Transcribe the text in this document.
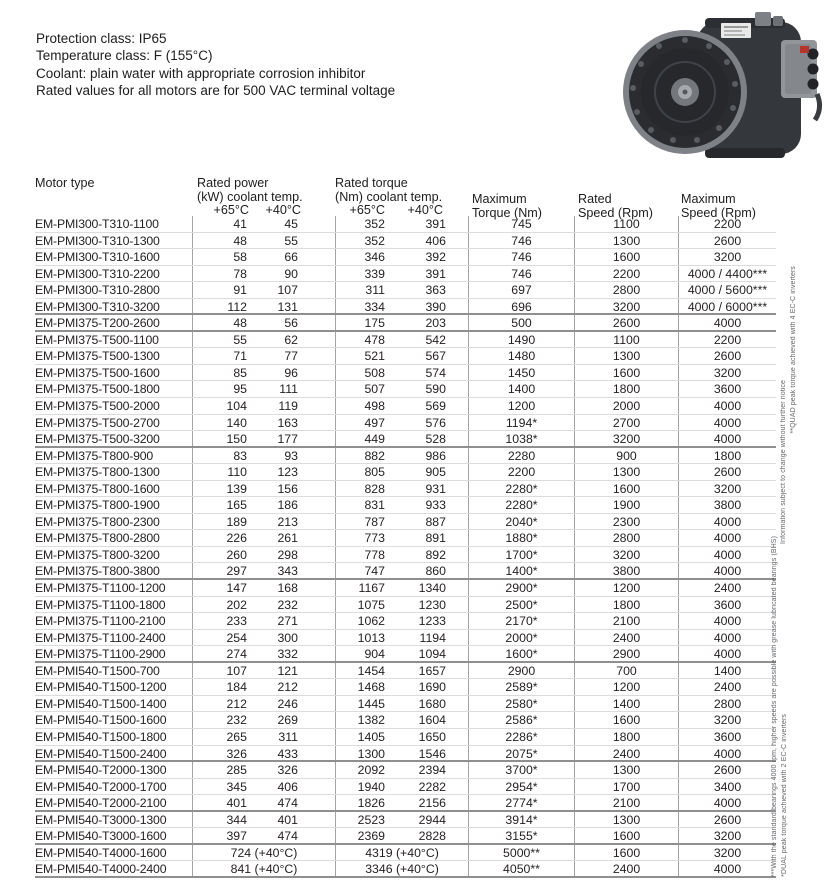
Protection class: IP65
Temperature class: F (155°C)
Coolant: plain water with appropriate corrosion inhibitor
Rated values for all motors are for 500 VAC terminal voltage
Motor type	Rated power
(kW) coolant temp.
+65°C	+40°C
Rated torque
(Nm) coolant temp.
+65°C	+40°C
Maximum
Torque (Nm)
Rated
Speed (Rpm)
Maximum
Speed (Rpm)
EM-PMI300-T310-1100	41	45	352	391	745	1100	2200
EM-PMI300-T310-1300	48	55	352	406	746	1300	2600
EM-PMI300-T310-1600	58	66	346	392	746	1600	3200
EM-PMI300-T310-2200	78	90	339	391	746	2200	4000 / 4400***
EM-PMI300-T310-2800	91	107	311	363	697	2800	4000 / 5600***
EM-PMI300-T310-3200	112	131	334	390	696	3200	4000 / 6000***
EM-PMI375-T200-2600	48	56	175	203	500	2600	4000
EM-PMI375-T500-1100	55	62	478	542	1490	1100	2200
EM-PMI375-T500-1300	71	77	521	567	1480	1300	2600
EM-PMI375-T500-1600	85	96	508	574	1450	1600	3200
EM-PMI375-T500-1800	95	111	507	590	1400	1800	3600
EM-PMI375-T500-2000	104	119	498	569	1200	2000	4000
EM-PMI375-T500-2700	140	163	497	576	1194*	2700	4000
EM-PMI375-T500-3200	150	177	449	528	1038*	3200	4000
EM-PMI375-T800-900	83	93	882	986	2280	900	1800
EM-PMI375-T800-1300	110	123	805	905	2200	1300	2600
EM-PMI375-T800-1600	139	156	828	931	2280*	1600	3200
EM-PMI375-T800-1900	165	186	831	933	2280*	1900	3800
EM-PMI375-T800-2300	189	213	787	887	2040*	2300	4000
EM-PMI375-T800-2800	226	261	773	891	1880*	2800	4000
EM-PMI375-T800-3200	260	298	778	892	1700*	3200	4000
EM-PMI375-T800-3800	297	343	747	860	1400*	3800	4000
EM-PMI375-T1100-1200	147	168	1167	1340	2900*	1200	2400
EM-PMI375-T1100-1800	202	232	1075	1230	2500*	1800	3600
EM-PMI375-T1100-2100	233	271	1062	1233	2170*	2100	4000
EM-PMI375-T1100-2400	254	300	1013	1194	2000*	2400	4000
EM-PMI375-T1100-2900	274	332	904	1094	1600*	2900	4000
EM-PMI540-T1500-700	107	121	1454	1657	2900	700	1400
EM-PMI540-T1500-1200	184	212	1468	1690	2589*	1200	2400
EM-PMI540-T1500-1400	212	246	1445	1680	2580*	1400	2800
EM-PMI540-T1500-1600	232	269	1382	1604	2586*	1600	3200
EM-PMI540-T1500-1800	265	311	1405	1650	2286*	1800	3600
EM-PMI540-T1500-2400	326	433	1300	1546	2075*	2400	4000
EM-PMI540-T2000-1300	285	326	2092	2394	3700*	1300	2600
EM-PMI540-T2000-1700	345	406	1940	2282	2954*	1700	3400
EM-PMI540-T2000-2100	401	474	1826	2156	2774*	2100	4000
EM-PMI540-T3000-1300	344	401	2523	2944	3914*	1300	2600
EM-PMI540-T3000-1600	397	474	2369	2828	3155*	1600	3200
EM-PMI540-T4000-1600	724 (+40°C)	4319 (+40°C)	5000**	1600	3200
EM-PMI540-T4000-2400	841 (+40°C)	3346 (+40°C)	4050**	2400	4000
**QUAD peak torque achieved with 4 EC-C inverters
Information subject to change without further notice
***With the standard bearings 4000 rpm, higher speeds are possible with grease lubricated bearings (BHS) *DUAL peak torque achieved with 2 EC-C inverters
